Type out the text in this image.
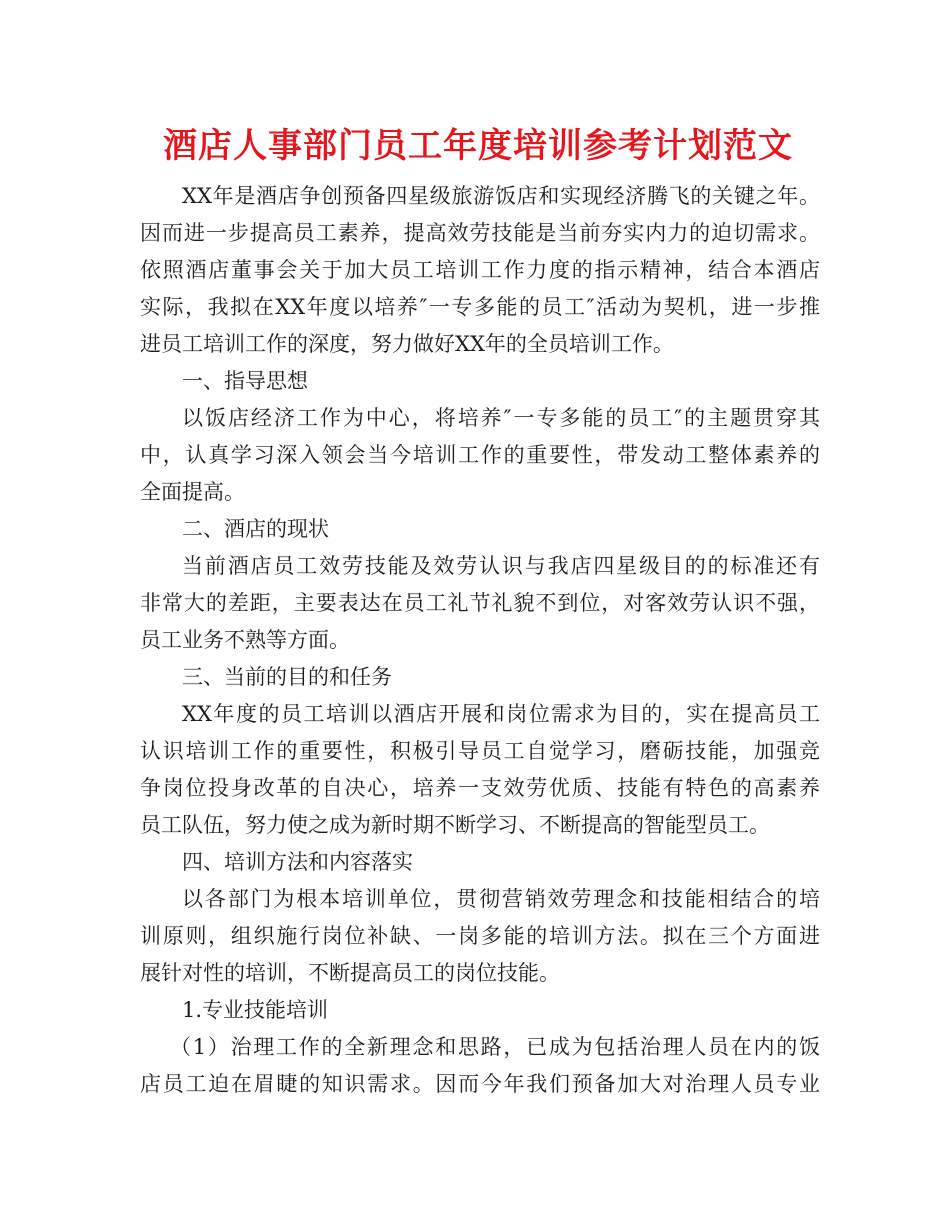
酒店人事部门员工年度培训参考计划范文

XX年是酒店争创预备四星级旅游饭店和实现经济腾飞的关键之年。
因而进一步提高员工素养，提高效劳技能是当前夯实内力的迫切需求。
依照酒店董事会关于加大员工培训工作力度的指示精神，结合本酒店
实际，我拟在XX年度以培养″一专多能的员工″活动为契机，进一步推
进员工培训工作的深度，努力做好XX年的全员培训工作。

一、指导思想

以饭店经济工作为中心，将培养″一专多能的员工″的主题贯穿其
中，认真学习深入领会当今培训工作的重要性，带发动工整体素养的
全面提高。

二、酒店的现状

当前酒店员工效劳技能及效劳认识与我店四星级目的的标准还有
非常大的差距，主要表达在员工礼节礼貌不到位，对客效劳认识不强，
员工业务不熟等方面。

三、当前的目的和任务

XX年度的员工培训以酒店开展和岗位需求为目的，实在提高员工
认识培训工作的重要性，积极引导员工自觉学习，磨砺技能，加强竞
争岗位投身改革的自决心，培养一支效劳优质、技能有特色的高素养
员工队伍，努力使之成为新时期不断学习、不断提高的智能型员工。

四、培训方法和内容落实

以各部门为根本培训单位，贯彻营销效劳理念和技能相结合的培
训原则，组织施行岗位补缺、一岗多能的培训方法。拟在三个方面进
展针对性的培训，不断提高员工的岗位技能。

1.专业技能培训

（1）治理工作的全新理念和思路，已成为包括治理人员在内的饭
店员工迫在眉睫的知识需求。因而今年我们预备加大对治理人员专业
